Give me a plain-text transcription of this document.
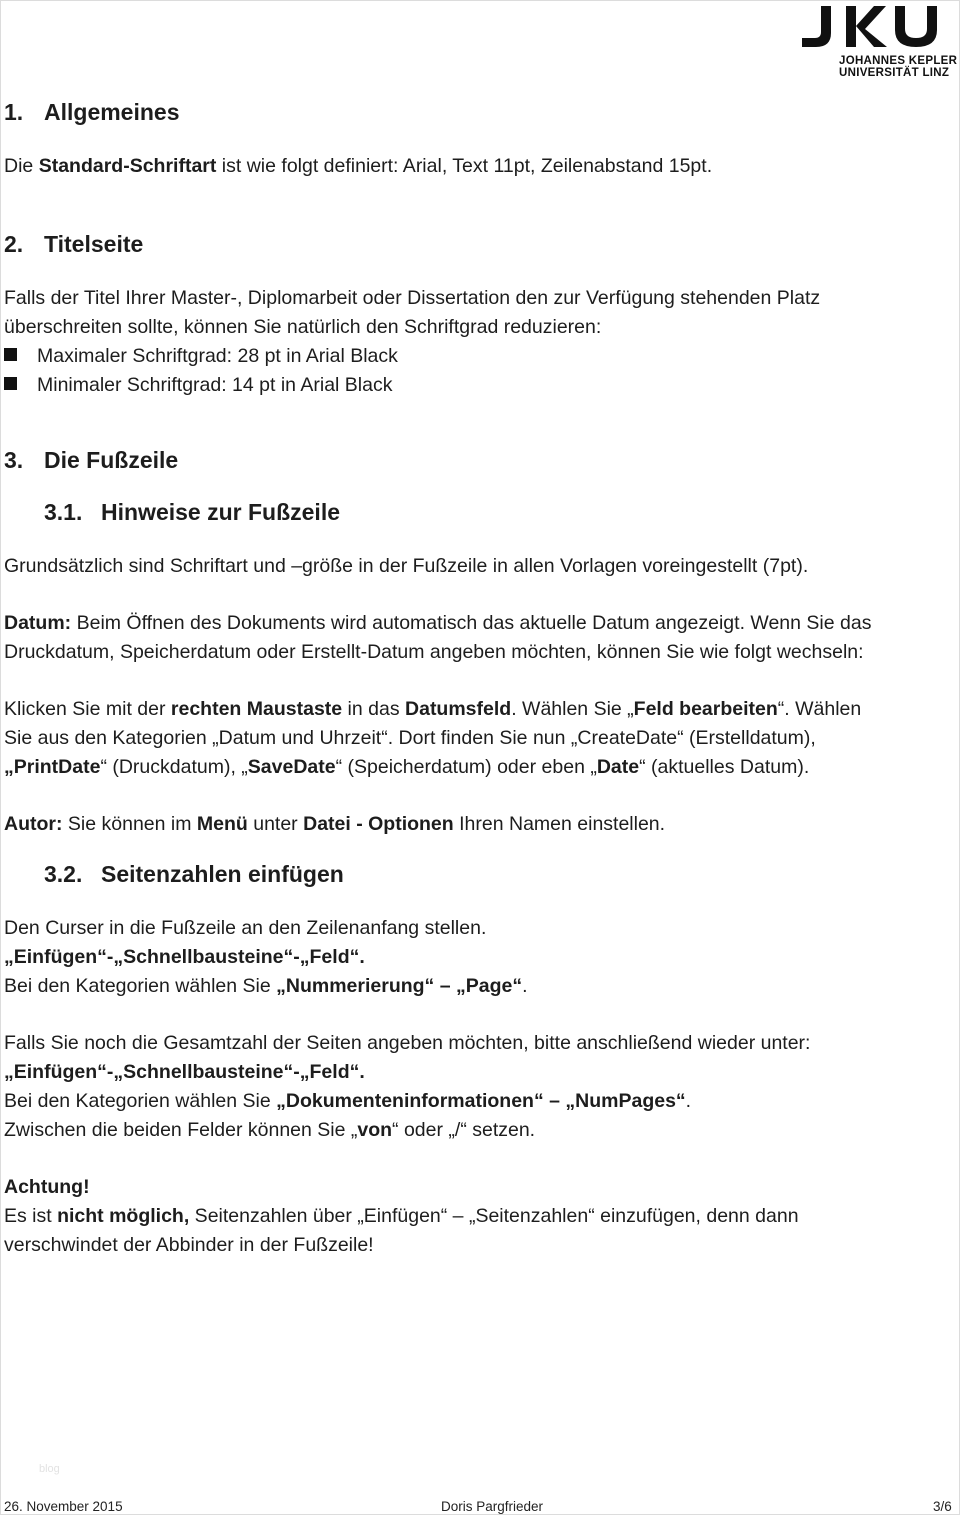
JOHANNES KEPLER
UNIVERSITÄT LINZ
1. Allgemeines
Die Standard-Schriftart ist wie folgt definiert: Arial, Text 11pt, Zeilenabstand 15pt.
2. Titelseite
Falls der Titel Ihrer Master-, Diplomarbeit oder Dissertation den zur Verfügung stehenden Platz
überschreiten sollte, können Sie natürlich den Schriftgrad reduzieren:
Maximaler Schriftgrad: 28 pt in Arial Black
Minimaler Schriftgrad: 14 pt in Arial Black
3. Die Fußzeile
3.1. Hinweise zur Fußzeile
Grundsätzlich sind Schriftart und –größe in der Fußzeile in allen Vorlagen voreingestellt (7pt).
Datum: Beim Öffnen des Dokuments wird automatisch das aktuelle Datum angezeigt. Wenn Sie das
Druckdatum, Speicherdatum oder Erstellt-Datum angeben möchten, können Sie wie folgt wechseln:
Klicken Sie mit der rechten Maustaste in das Datumsfeld. Wählen Sie „Feld bearbeiten“. Wählen
Sie aus den Kategorien „Datum und Uhrzeit“. Dort finden Sie nun „CreateDate“ (Erstelldatum),
„PrintDate“ (Druckdatum), „SaveDate“ (Speicherdatum) oder eben „Date“ (aktuelles Datum).
Autor: Sie können im Menü unter Datei - Optionen Ihren Namen einstellen.
3.2. Seitenzahlen einfügen
Den Curser in die Fußzeile an den Zeilenanfang stellen.
„Einfügen“-„Schnellbausteine“-„Feld“.
Bei den Kategorien wählen Sie „Nummerierung“ – „Page“.
Falls Sie noch die Gesamtzahl der Seiten angeben möchten, bitte anschließend wieder unter:
„Einfügen“-„Schnellbausteine“-„Feld“.
Bei den Kategorien wählen Sie „Dokumenteninformationen“ – „NumPages“.
Zwischen die beiden Felder können Sie „von“ oder „/“ setzen.
Achtung!
Es ist nicht möglich, Seitenzahlen über „Einfügen“ – „Seitenzahlen“ einzufügen, denn dann
verschwindet der Abbinder in der Fußzeile!
blog
26. November 2015	Doris Pargfrieder	3/6
